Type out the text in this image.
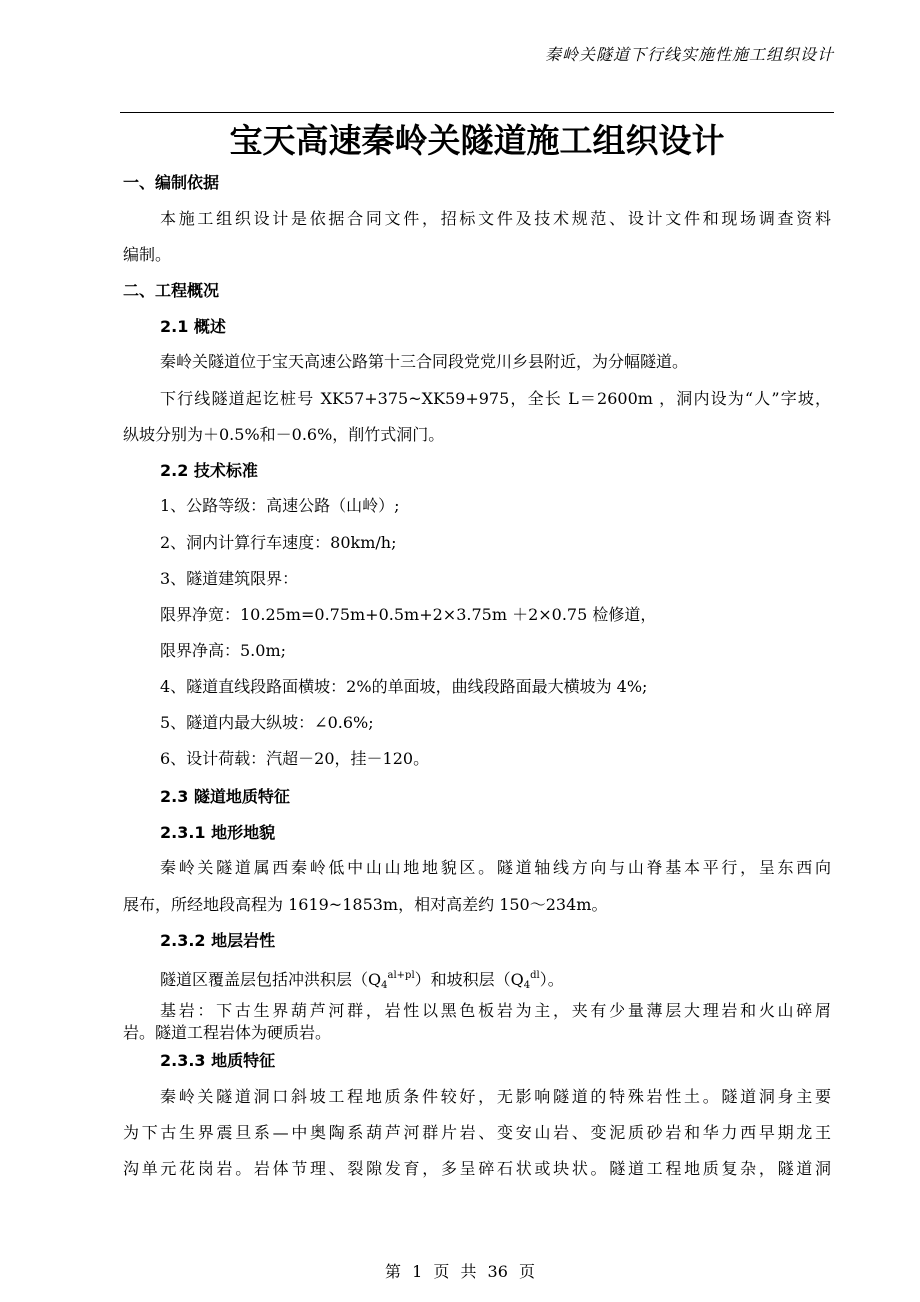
秦岭关隧道下行线实施性施工组织设计
宝天高速秦岭关隧道施工组织设计
一、编制依据
本施工组织设计是依据合同文件，招标文件及技术规范、设计文件和现场调查资料
编制。
二、工程概况
2.1 概述
秦岭关隧道位于宝天高速公路第十三合同段党党川乡县附近，为分幅隧道。
下行线隧道起讫桩号 XK57+375~XK59+975，全长 L＝2600m ，洞内设为“人”字坡，
纵坡分别为＋0.5%和－0.6%，削竹式洞门。
2.2 技术标准
1、公路等级：高速公路（山岭）;
2、洞内计算行车速度：80km/h;
3、隧道建筑限界：
限界净宽：10.25m=0.75m+0.5m+2×3.75m ＋2×0.75 检修道，
限界净高：5.0m;
4、隧道直线段路面横坡：2%的单面坡，曲线段路面最大横坡为 4%;
5、隧道内最大纵坡：∠0.6%;
6、设计荷载：汽超－20，挂－120。
2.3 隧道地质特征
2.3.1 地形地貌
秦岭关隧道属西秦岭低中山山地地貌区。隧道轴线方向与山脊基本平行，呈东西向
展布，所经地段高程为 1619~1853m，相对高差约 150～234m。
2.3.2 地层岩性
隧道区覆盖层包括冲洪积层$(Q_4^{al+pl})$和坡积层$(Q_4^{dl})$。
基岩：下古生界葫芦河群，岩性以黑色板岩为主，夹有少量薄层大理岩和火山碎屑
岩。隧道工程岩体为硬质岩。
2.3.3 地质特征
秦岭关隧道洞口斜坡工程地质条件较好，无影响隧道的特殊岩性土。隧道洞身主要
为下古生界震旦系—中奥陶系葫芦河群片岩、变安山岩、变泥质砂岩和华力西早期龙王
沟单元花岗岩。岩体节理、裂隙发育，多呈碎石状或块状。隧道工程地质复杂，隧道洞
第 1 页 共 36 页
